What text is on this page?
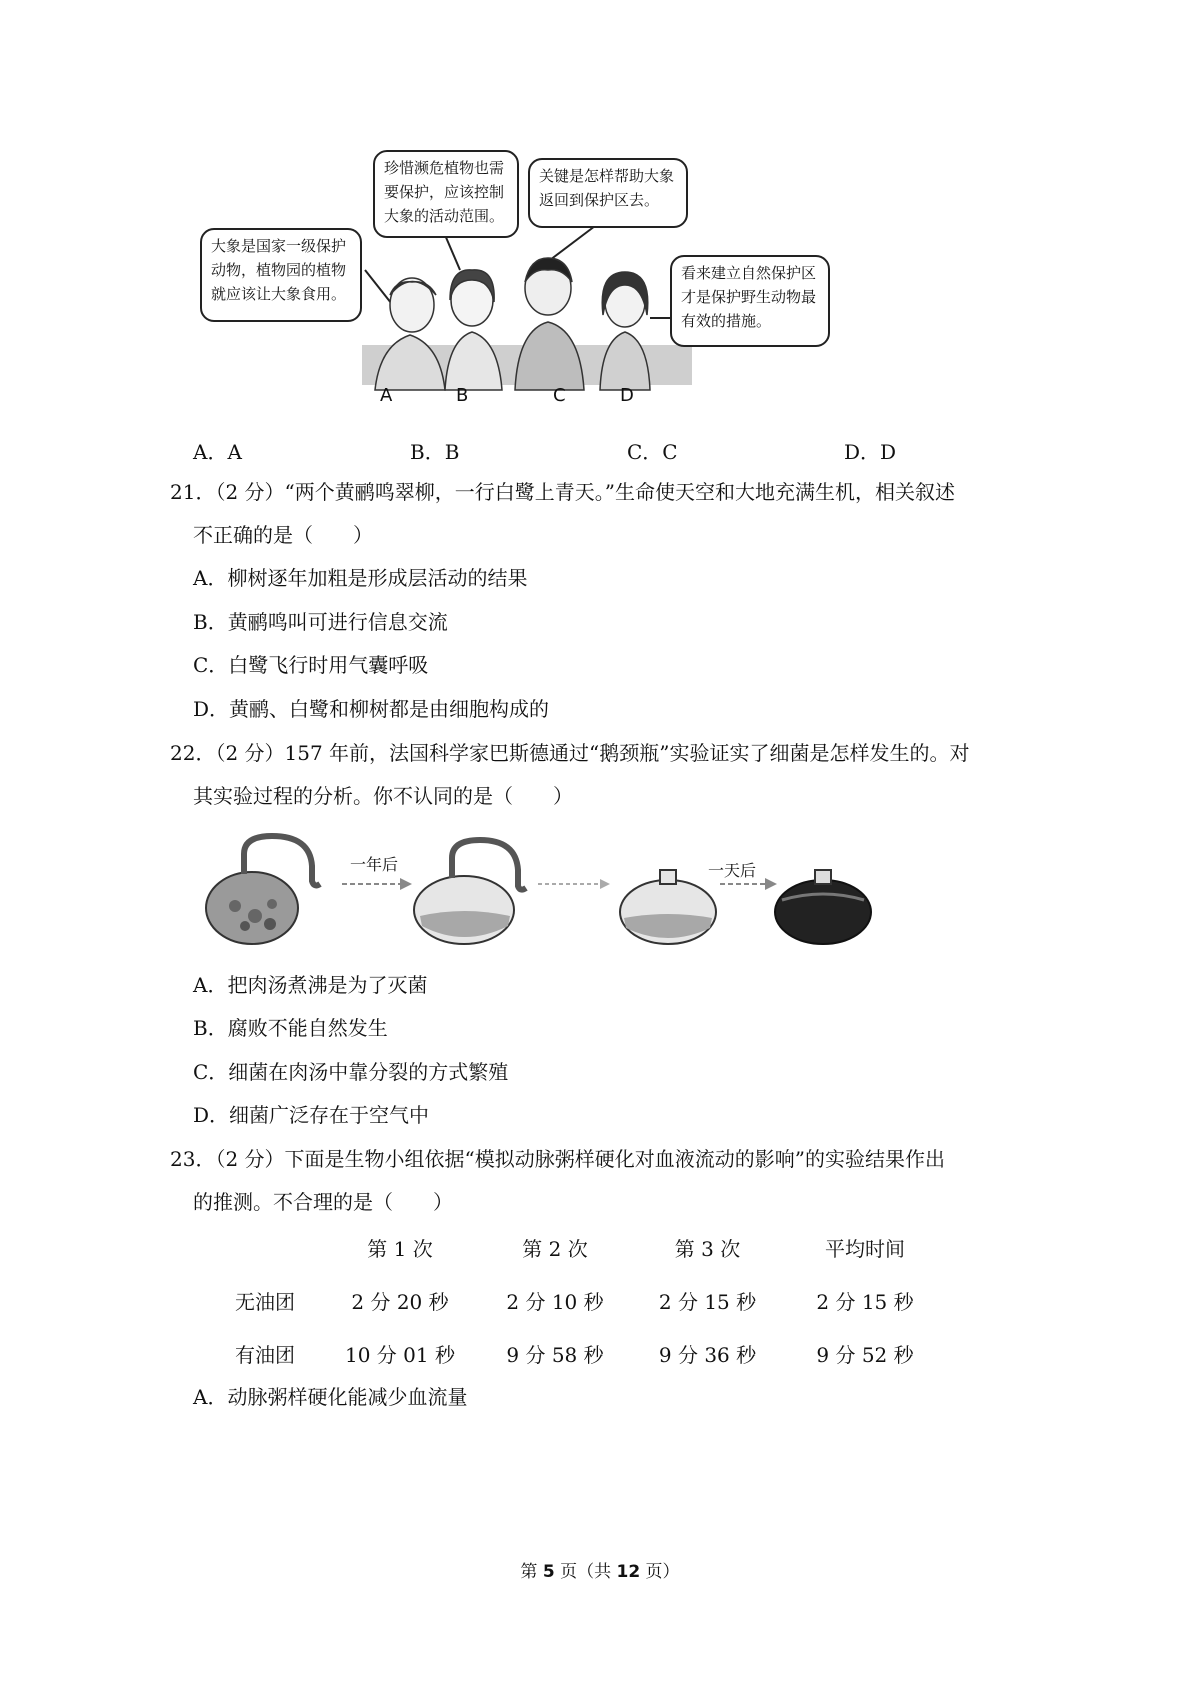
大象是国家一级保护动物，植物园的植物就应该让大象食用。
珍惜濒危植物也需要保护，应该控制大象的活动范围。
关键是怎样帮助大象返回到保护区去。
看来建立自然保护区才是保护野生动物最有效的措施。
A	B	C	D
A．A	B．B	C．C	D．D
21．（2 分）“两个黄鹂鸣翠柳，一行白鹭上青天。”生命使天空和大地充满生机，相关叙述
不正确的是（　　）
A．柳树逐年加粗是形成层活动的结果
B．黄鹂鸣叫可进行信息交流
C．白鹭飞行时用气囊呼吸
D．黄鹂、白鹭和柳树都是由细胞构成的
22．（2 分）157 年前，法国科学家巴斯德通过“鹅颈瓶”实验证实了细菌是怎样发生的。对
其实验过程的分析。你不认同的是（　　）
一年后	一天后
A．把肉汤煮沸是为了灭菌
B．腐败不能自然发生
C．细菌在肉汤中靠分裂的方式繁殖
D．细菌广泛存在于空气中
23．（2 分）下面是生物小组依据“模拟动脉粥样硬化对血液流动的影响”的实验结果作出
的推测。不合理的是（　　）
	第 1 次	第 2 次	第 3 次	平均时间
无油团	2 分 20 秒	2 分 10 秒	2 分 15 秒	2 分 15 秒
有油团	10 分 01 秒	9 分 58 秒	9 分 36 秒	9 分 52 秒
A．动脉粥样硬化能减少血流量
第 5 页（共 12 页）
